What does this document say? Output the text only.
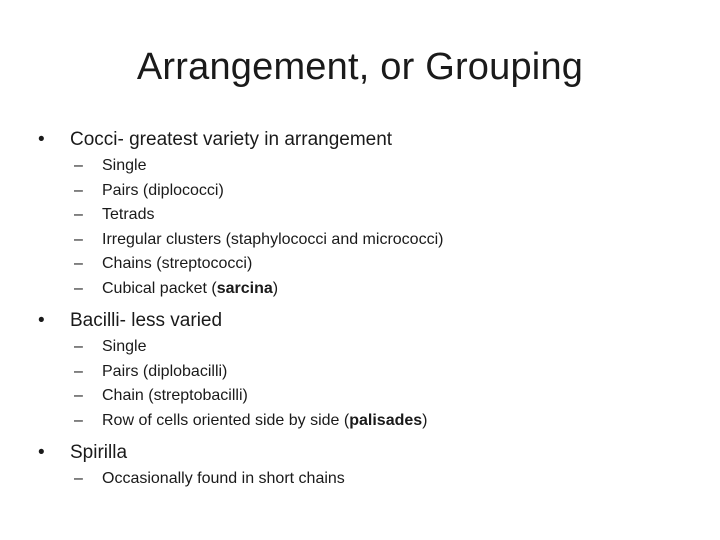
Arrangement, or Grouping
•	Cocci- greatest variety in arrangement
– Single
– Pairs (diplococci)
– Tetrads
– Irregular clusters (staphylococci and micrococci)
– Chains (streptococci)
– Cubical packet (sarcina)
•	Bacilli- less varied
– Single
– Pairs (diplobacilli)
– Chain (streptobacilli)
– Row of cells oriented side by side (palisades)
•	Spirilla
– Occasionally found in short chains
